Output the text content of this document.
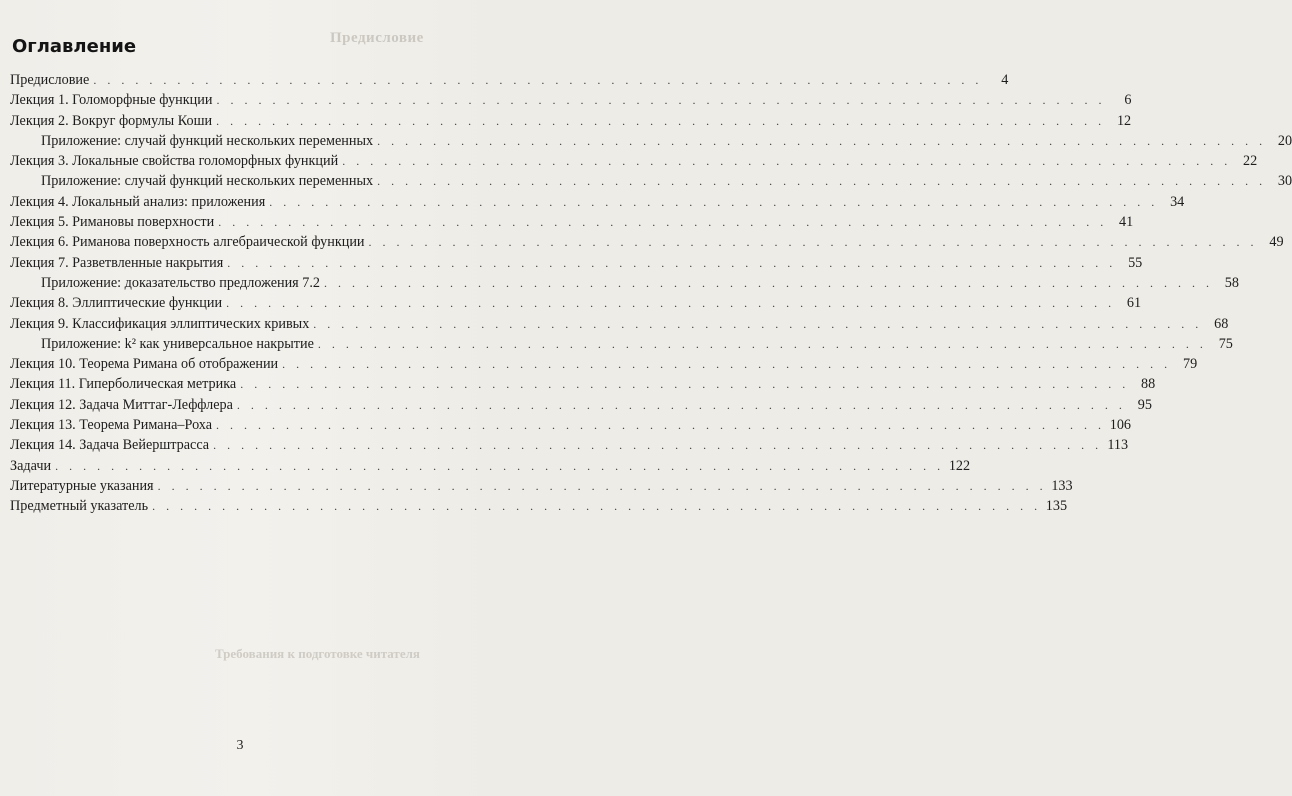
Предисловие
Требования к подготовке читателя
Оглавление
Предисловие . . .	4
Лекция 1. Голоморфные функции . . .	6
Лекция 2. Вокруг формулы Коши . . .	12
Приложение: случай функций нескольких переменных . . .	20
Лекция 3. Локальные свойства голоморфных функций . . .	22
Приложение: случай функций нескольких переменных . . .	30
Лекция 4. Локальный анализ: приложения . . .	34
Лекция 5. Римановы поверхности . . .	41
Лекция 6. Риманова поверхность алгебраической функции . . .	49
Лекция 7. Разветвленные накрытия . . .	55
Приложение: доказательство предложения 7.2 . . .	58
Лекция 8. Эллиптические функции . . .	61
Лекция 9. Классификация эллиптических кривых . . .	68
Приложение: k² как универсальное накрытие . . .	75
Лекция 10. Теорема Римана об отображении . . .	79
Лекция 11. Гиперболическая метрика . . .	88
Лекция 12. Задача Миттаг-Леффлера . . .	95
Лекция 13. Теорема Римана–Роха . . .	106
Лекция 14. Задача Вейерштрасса . . .	113
Задачи . . .	122
Литературные указания . . .	133
Предметный указатель . . .	135
3
